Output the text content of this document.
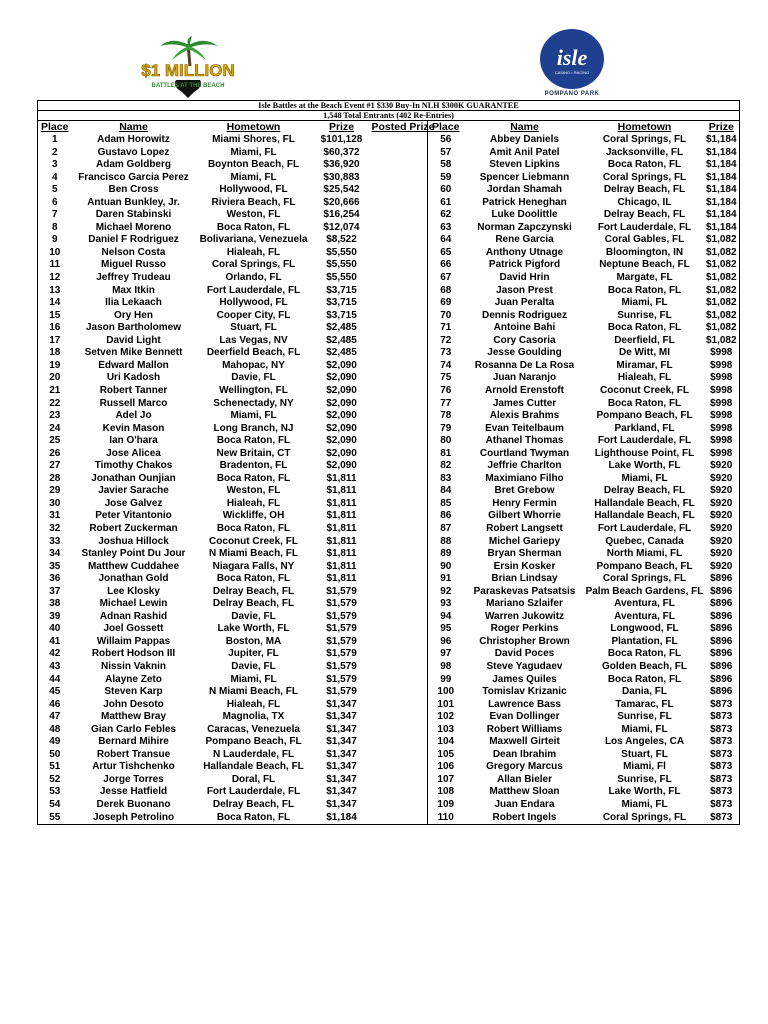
$1 MILLION
BATTLES AT THE BEACH
isle
CASINO • RACING
POMPANO PARK
Isle Battles at the Beach Event #1 $330 Buy-In NLH $300K GUARANTEE								
1,548 Total Entrants (402 Re-Entries)								
Place	Name	Hometown	Prize	Posted Prize	Place	Name	Hometown	Prize
1	Adam Horowitz	Miami Shores, FL	$101,128		56	Abbey Daniels	Coral Springs, FL	$1,184
2	Gustavo Lopez	Miami, FL	$60,372		57	Amit Anil Patel	Jacksonville, FL	$1,184
3	Adam Goldberg	Boynton Beach, FL	$36,920		58	Steven Lipkins	Boca Raton, FL	$1,184
4	Francisco Garcia Perez	Miami, FL	$30,883		59	Spencer Liebmann	Coral Springs, FL	$1,184
5	Ben Cross	Hollywood, FL	$25,542		60	Jordan Shamah	Delray Beach, FL	$1,184
6	Antuan Bunkley, Jr.	Riviera Beach, FL	$20,666		61	Patrick Heneghan	Chicago, IL	$1,184
7	Daren Stabinski	Weston, FL	$16,254		62	Luke Doolittle	Delray Beach, FL	$1,184
8	Michael Moreno	Boca Raton, FL	$12,074		63	Norman Zapczynski	Fort Lauderdale, FL	$1,184
9	Daniel F Rodriguez	Bolivariana, Venezuela	$8,522		64	Rene Garcia	Coral Gables, FL	$1,082
10	Nelson Costa	Hialeah, FL	$5,550		65	Anthony Utnage	Bloomington, IN	$1,082
11	Miguel Russo	Coral Springs, FL	$5,550		66	Patrick Pigford	Neptune Beach, FL	$1,082
12	Jeffrey Trudeau	Orlando, FL	$5,550		67	David Hrin	Margate, FL	$1,082
13	Max Itkin	Fort Lauderdale, FL	$3,715		68	Jason Prest	Boca Raton, FL	$1,082
14	Ilia Lekaach	Hollywood, FL	$3,715		69	Juan Peralta	Miami, FL	$1,082
15	Ory Hen	Cooper City, FL	$3,715		70	Dennis Rodriguez	Sunrise, FL	$1,082
16	Jason Bartholomew	Stuart, FL	$2,485		71	Antoine Bahi	Boca Raton, FL	$1,082
17	David Light	Las Vegas, NV	$2,485		72	Cory Casoria	Deerfield, FL	$1,082
18	Setven Mike Bennett	Deerfield Beach, FL	$2,485		73	Jesse Goulding	De Witt, MI	$998
19	Edward Mallon	Mahopac, NY	$2,090		74	Rosanna De La Rosa	Miramar, FL	$998
20	Uri Kadosh	Davie, FL	$2,090		75	Juan Naranjo	Hialeah, FL	$998
21	Robert Tanner	Wellington, FL	$2,090		76	Arnold Erenstoft	Coconut Creek, FL	$998
22	Russell Marco	Schenectady, NY	$2,090		77	James Cutter	Boca Raton, FL	$998
23	Adel Jo	Miami, FL	$2,090		78	Alexis Brahms	Pompano Beach, FL	$998
24	Kevin Mason	Long Branch, NJ	$2,090		79	Evan Teitelbaum	Parkland, FL	$998
25	Ian O'hara	Boca Raton, FL	$2,090		80	Athanel Thomas	Fort Lauderdale, FL	$998
26	Jose Alicea	New Britain, CT	$2,090		81	Courtland Twyman	Lighthouse Point, FL	$998
27	Timothy Chakos	Bradenton, FL	$2,090		82	Jeffrie Charlton	Lake Worth, FL	$920
28	Jonathan Ounjian	Boca Raton, FL	$1,811		83	Maximiano Filho	Miami, FL	$920
29	Javier Sarache	Weston, FL	$1,811		84	Bret Grebow	Delray Beach, FL	$920
30	Jose Galvez	Hialeah, FL	$1,811		85	Henry Fermin	Hallandale Beach, FL	$920
31	Peter Vitantonio	Wickliffe, OH	$1,811		86	Gilbert Whorrie	Hallandale Beach, FL	$920
32	Robert Zuckerman	Boca Raton, FL	$1,811		87	Robert Langsett	Fort Lauderdale, FL	$920
33	Joshua Hillock	Coconut Creek, FL	$1,811		88	Michel Gariepy	Quebec, Canada	$920
34	Stanley Point Du Jour	N Miami Beach, FL	$1,811		89	Bryan Sherman	North Miami, FL	$920
35	Matthew Cuddahee	Niagara Falls, NY	$1,811		90	Ersin Kosker	Pompano Beach, FL	$920
36	Jonathan Gold	Boca Raton, FL	$1,811		91	Brian Lindsay	Coral Springs, FL	$896
37	Lee Klosky	Delray Beach, FL	$1,579		92	Paraskevas Patsatsis	Palm Beach Gardens, FL	$896
38	Michael Lewin	Delray Beach, FL	$1,579		93	Mariano Szlaifer	Aventura, FL	$896
39	Adnan Rashid	Davie, FL	$1,579		94	Warren Jukowitz	Aventura, FL	$896
40	Joel Gossett	Lake Worth, FL	$1,579		95	Roger Perkins	Longwood, FL	$896
41	Willaim Pappas	Boston, MA	$1,579		96	Christopher Brown	Plantation, FL	$896
42	Robert Hodson III	Jupiter, FL	$1,579		97	David Poces	Boca Raton, FL	$896
43	Nissin Vaknin	Davie, FL	$1,579		98	Steve Yagudaev	Golden Beach, FL	$896
44	Alayne Zeto	Miami, FL	$1,579		99	James Quiles	Boca Raton, FL	$896
45	Steven Karp	N Miami Beach, FL	$1,579		100	Tomislav Krizanic	Dania, FL	$896
46	John Desoto	Hialeah, FL	$1,347		101	Lawrence Bass	Tamarac, FL	$873
47	Matthew Bray	Magnolia, TX	$1,347		102	Evan Dollinger	Sunrise, FL	$873
48	Gian Carlo Febles	Caracas, Venezuela	$1,347		103	Robert Williams	Miami, FL	$873
49	Bernard Mihire	Pompano Beach, FL	$1,347		104	Maxwell Girteit	Los Angeles, CA	$873
50	Robert Transue	N Lauderdale, FL	$1,347		105	Dean Ibrahim	Stuart, FL	$873
51	Artur Tishchenko	Hallandale Beach, FL	$1,347		106	Gregory Marcus	Miami, Fl	$873
52	Jorge Torres	Doral, FL	$1,347		107	Allan Bieler	Sunrise, FL	$873
53	Jesse Hatfield	Fort Lauderdale, FL	$1,347		108	Matthew Sloan	Lake Worth, FL	$873
54	Derek Buonano	Delray Beach, FL	$1,347		109	Juan Endara	Miami, FL	$873
55	Joseph Petrolino	Boca Raton, FL	$1,184		110	Robert Ingels	Coral Springs, FL	$873
